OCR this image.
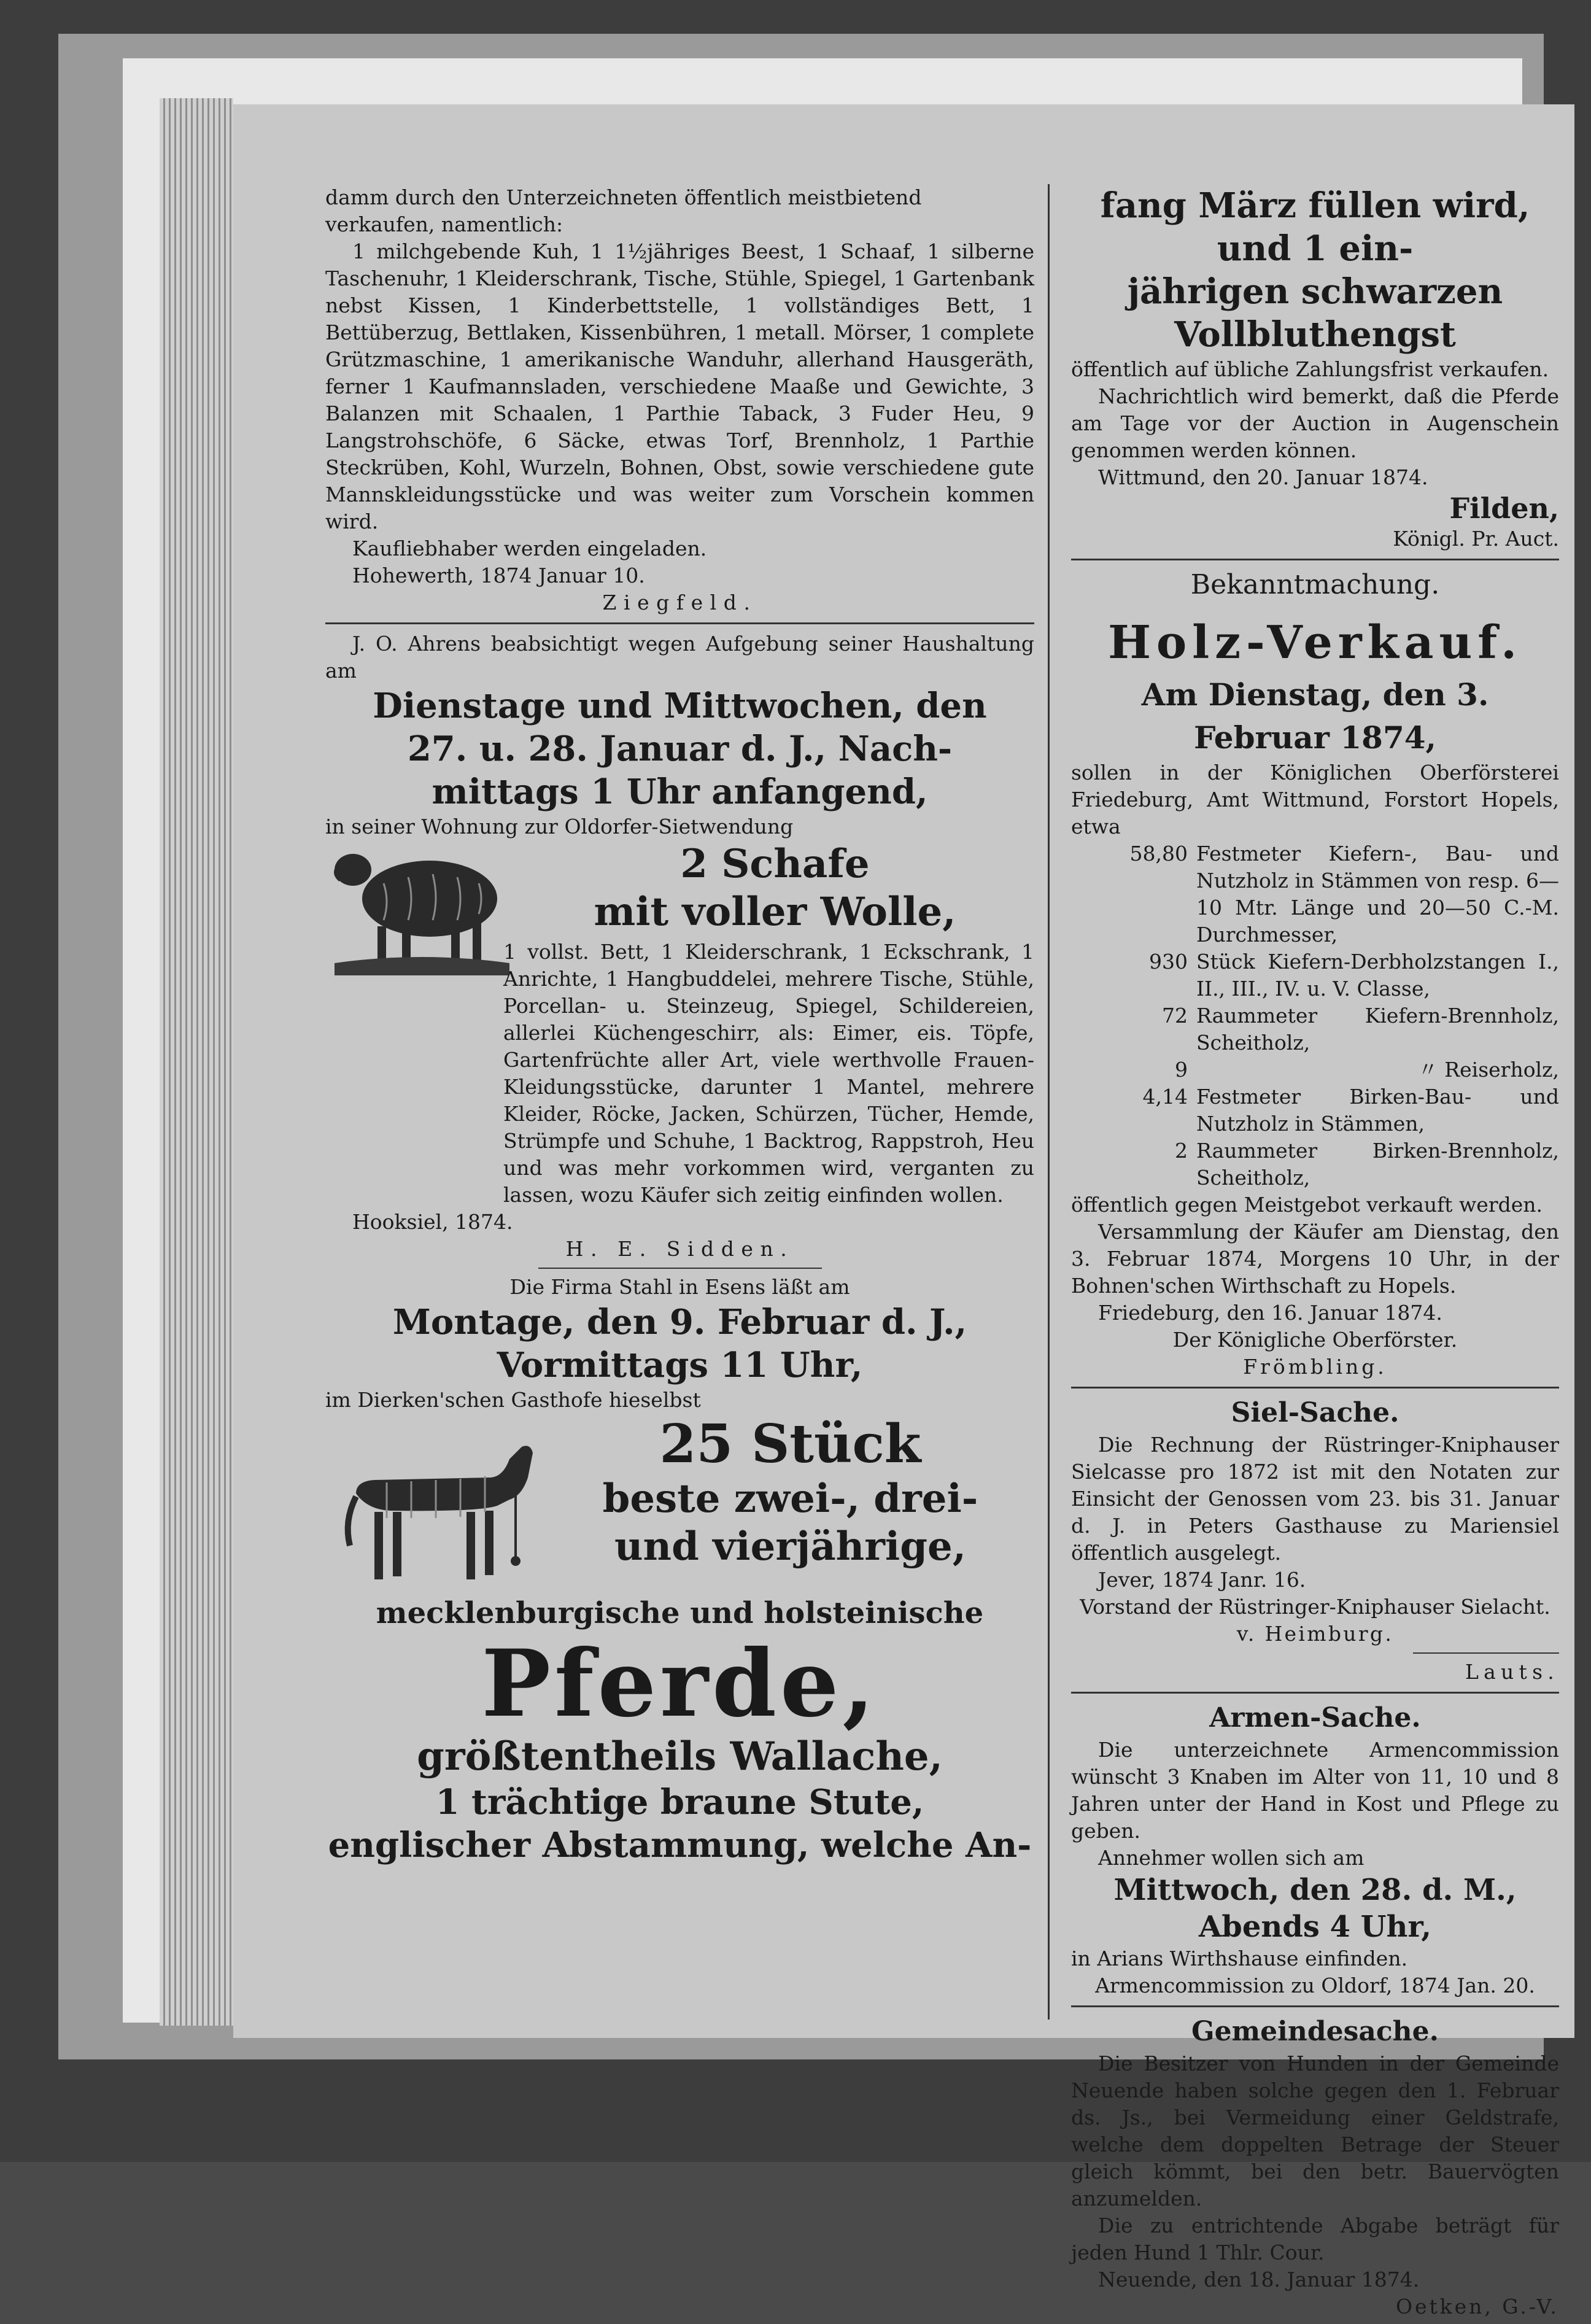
damm durch den Unterzeichneten öffentlich meistbietend

verkaufen, namentlich:

1 milchgebende Kuh, 1 1½jähriges Beest, 1 Schaaf, 1 silberne Taschenuhr, 1 Kleiderschrank, Tische, Stühle, Spiegel, 1 Gartenbank nebst Kissen, 1 Kinderbettstelle, 1 vollständiges Bett, 1 Bettüberzug, Bettlaken, Kissenbühren, 1 metall. Mörser, 1 complete Grützmaschine, 1 amerikanische Wanduhr, allerhand Hausgeräth, ferner 1 Kaufmannsladen, verschiedene Maaße und Gewichte, 3 Balanzen mit Schaalen, 1 Parthie Taback, 3 Fuder Heu, 9 Langstrohschöfe, 6 Säcke, etwas Torf, Brennholz, 1 Parthie Steckrüben, Kohl, Wurzeln, Bohnen, Obst, sowie verschiedene gute Mannskleidungsstücke und was weiter zum Vorschein kommen wird.

Kaufliebhaber werden eingeladen.

Hohewerth, 1874 Januar 10.

Ziegfeld.

J. O. Ahrens beabsichtigt wegen Aufgebung seiner Haushaltung am

Dienstage und Mittwochen, den

27. u. 28. Januar d. J., Nach-

mittags 1 Uhr anfangend,

in seiner Wohnung zur Oldorfer-Sietwendung

2 Schafe

mit voller Wolle,

1 vollst. Bett, 1 Kleiderschrank, 1 Eckschrank, 1 Anrichte, 1 Hangbuddelei, mehrere Tische, Stühle, Porcellan- u. Steinzeug, Spiegel, Schildereien, allerlei Küchengeschirr, als: Eimer, eis. Töpfe, Gartenfrüchte aller Art, viele werthvolle Frauen-Kleidungsstücke, darunter 1 Mantel, mehrere Kleider, Röcke, Jacken, Schürzen, Tücher, Hemde, Strümpfe und Schuhe, 1 Backtrog, Rappstroh, Heu und was mehr vorkommen wird, verganten zu lassen, wozu Käufer sich zeitig einfinden wollen.

Hooksiel, 1874.

H. E. Sidden.

Die Firma Stahl in Esens läßt am

Montage, den 9. Februar d. J.,

Vormittags 11 Uhr,

im Dierken'schen Gasthofe hieselbst

25 Stück

beste zwei-, drei-

und vierjährige,

mecklenburgische und holsteinische

Pferde,

größtentheils Wallache,

1 trächtige braune Stute,

englischer Abstammung, welche An-

fang März füllen wird, und 1 ein-

jährigen schwarzen Vollbluthengst

öffentlich auf übliche Zahlungsfrist verkaufen.

Nachrichtlich wird bemerkt, daß die Pferde am Tage vor der Auction in Augenschein genommen werden können.

Wittmund, den 20. Januar 1874.

Filden,

Königl. Pr. Auct.

Bekanntmachung.

Holz-Verkauf.

Am Dienstag, den 3. Februar 1874,

sollen in der Königlichen Oberförsterei Friedeburg, Amt Wittmund, Forstort Hopels, etwa

58,80 Festmeter Kiefern-, Bau- und Nutzholz in Stämmen von resp. 6—10 Mtr. Länge und 20—50 C.-M. Durchmesser,
930 Stück Kiefern-Derbholzstangen I., II., III., IV. u. V. Classe,
72 Raummeter Kiefern-Brennholz, Scheitholz,
9	〃 Reiserholz,
4,14 Festmeter Birken-Bau- und Nutzholz in Stämmen,
2 Raummeter Birken-Brennholz, Scheitholz,

öffentlich gegen Meistgebot verkauft werden.

Versammlung der Käufer am Dienstag, den 3. Februar 1874, Morgens 10 Uhr, in der Bohnen'schen Wirthschaft zu Hopels.

Friedeburg, den 16. Januar 1874.

Der Königliche Oberförster.

Frömbling.

Siel-Sache.

Die Rechnung der Rüstringer-Kniphauser Sielcasse pro 1872 ist mit den Notaten zur Einsicht der Genossen vom 23. bis 31. Januar d. J. in Peters Gasthause zu Mariensiel öffentlich ausgelegt.

Jever, 1874 Janr. 16.

Vorstand der Rüstringer-Kniphauser Sielacht.

v. Heimburg.

Lauts.

Armen-Sache.

Die unterzeichnete Armencommission wünscht 3 Knaben im Alter von 11, 10 und 8 Jahren unter der Hand in Kost und Pflege zu geben.

Annehmer wollen sich am

Mittwoch, den 28. d. M.,

Abends 4 Uhr,

in Arians Wirthshause einfinden.

Armencommission zu Oldorf, 1874 Jan. 20.

Gemeindesache.

Die Besitzer von Hunden in der Gemeinde Neuende haben solche gegen den 1. Februar ds. Js., bei Vermeidung einer Geldstrafe, welche dem doppelten Betrage der Steuer gleich kömmt, bei den betr. Bauervögten anzumelden.

Die zu entrichtende Abgabe beträgt für jeden Hund 1 Thlr. Cour.

Neuende, den 18. Januar 1874.

Oetken, G.-V.
